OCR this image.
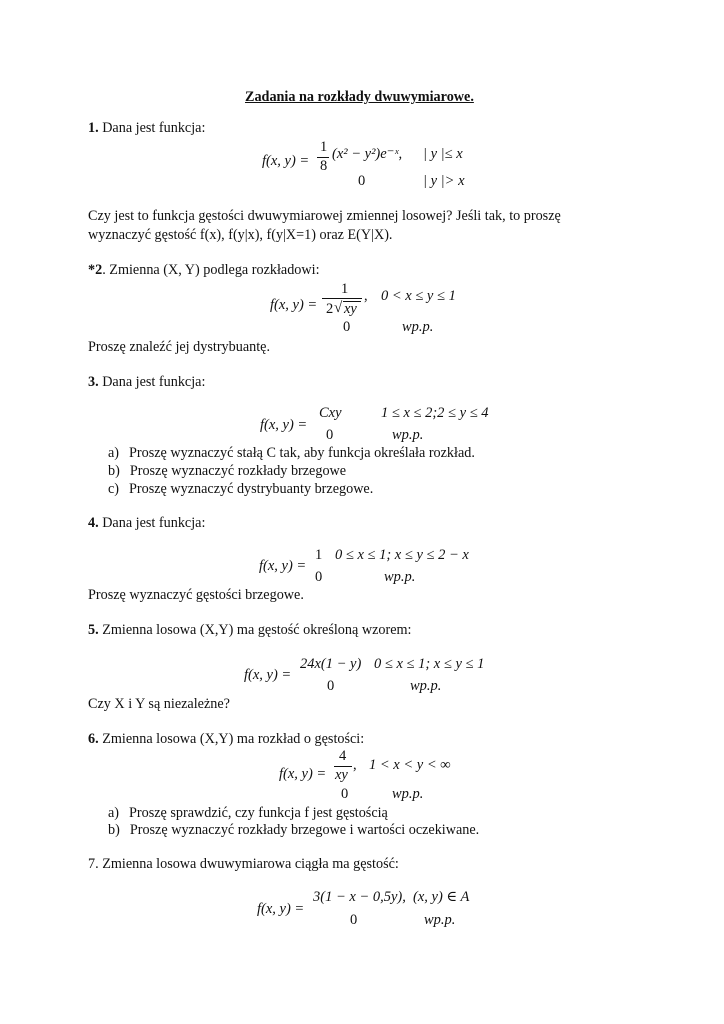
Zadania na rozkłady dwuwymiarowe.
1. Dana jest funkcja:
f(x, y) =
1
8
(x² − y²)e⁻ˣ, | y |≤ x
0	| y |> x
Czy jest to funkcja gęstości dwuwymiarowej zmiennej losowej? Jeśli tak, to proszę
wyznaczyć gęstość f(x), f(y|x), f(y|X=1) oraz E(Y|X).
*2. Zmienna (X, Y) podlega rozkładowi:
f(x, y) =
1
2 √ xy
, 0 < x ≤ y ≤ 1
0	wp.p.
Proszę znaleźć jej dystrybuantę.
3. Dana jest funkcja:
f(x, y) =
Cxy	1 ≤ x ≤ 2;2 ≤ y ≤ 4
0	wp.p.
a) Proszę wyznaczyć stałą C tak, aby funkcja określała rozkład.
b) Proszę wyznaczyć rozkłady brzegowe
c) Proszę wyznaczyć dystrybuanty brzegowe.
4. Dana jest funkcja:
f(x, y) =
1 0 ≤ x ≤ 1; x ≤ y ≤ 2 − x
0	wp.p.
Proszę wyznaczyć gęstości brzegowe.
5. Zmienna losowa (X,Y) ma gęstość określoną wzorem:
f(x, y) =
24x(1 − y) 0 ≤ x ≤ 1; x ≤ y ≤ 1
0	wp.p.
Czy X i Y są niezależne?
6. Zmienna losowa (X,Y) ma rozkład o gęstości:
f(x, y) =
4
xy
, 1 < x < y < ∞
0	wp.p.
a) Proszę sprawdzić, czy funkcja f jest gęstością
b) Proszę wyznaczyć rozkłady brzegowe i wartości oczekiwane.
7. Zmienna losowa dwuwymiarowa ciągła ma gęstość:
f(x, y) =
3(1 − x − 0,5y), (x, y) ∈ A
0	wp.p.
